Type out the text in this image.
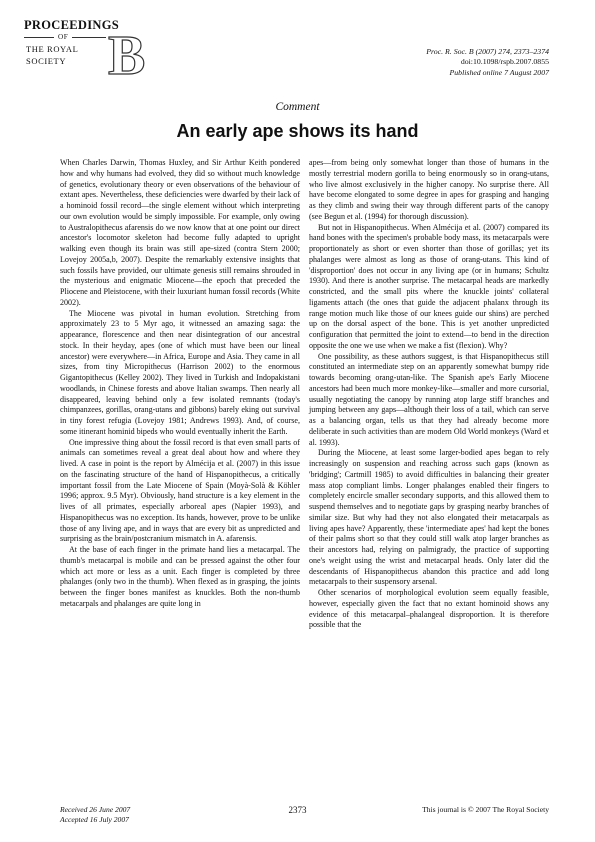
PROCEEDINGS
OF
THE ROYAL
SOCIETY B	Proc. R. Soc. B (2007) 274, 2373–2374
doi:10.1098/rspb.2007.0855
Published online 7 August 2007
Comment
An early ape shows its hand

When Charles Darwin, Thomas Huxley, and Sir Arthur Keith pondered how and why humans had evolved, they did so without much knowledge of genetics, evolutionary theory or even observations of the behaviour of extant apes. Nevertheless, these deficiencies were dwarfed by their lack of a hominoid fossil record—the single element without which interpreting our own evolution would be simply impossible. For example, only owing to Australopithecus afarensis do we now know that at one point our direct ancestor's locomotor skeleton had become fully adapted to upright walking even though its brain was still ape-sized (contra Stern 2000; Lovejoy 2005a,b, 2007). Despite the remarkably extensive insights that such fossils have provided, our ultimate genesis still remains shrouded in the mysterious and enigmatic Miocene—the epoch that preceded the Pliocene and Pleistocene, with their luxuriant human fossil records (White 2002).

The Miocene was pivotal in human evolution. Stretching from approximately 23 to 5 Myr ago, it witnessed an amazing saga: the appearance, florescence and then near disintegration of our ancestral stock. In their heyday, apes (one of which must have been our lineal ancestor) were everywhere—in Africa, Europe and Asia. They came in all sizes, from tiny Micropithecus (Harrison 2002) to the enormous Gigantopithecus (Kelley 2002). They lived in Turkish and Indopakistani woodlands, in Chinese forests and above Italian swamps. Then nearly all disappeared, leaving behind only a few isolated remnants (today's chimpanzees, gorillas, orang-utans and gibbons) barely eking out survival in tiny forest refugia (Lovejoy 1981; Andrews 1993). And, of course, some itinerant hominid bipeds who would eventually inherit the Earth.

One impressive thing about the fossil record is that even small parts of animals can sometimes reveal a great deal about how and where they lived. A case in point is the report by Almécija et al. (2007) in this issue on the fascinating structure of the hand of Hispanopithecus, a critically important fossil from the Late Miocene of Spain (Moyà-Solà & Köhler 1996; approx. 9.5 Myr). Obviously, hand structure is a key element in the lives of all primates, especially arboreal apes (Napier 1993), and Hispanopithecus was no exception. Its hands, however, prove to be unlike those of any living ape, and in ways that are every bit as unpredicted and surprising as the brain/postcranium mismatch in A. afarensis.

At the base of each finger in the primate hand lies a metacarpal. The thumb's metacarpal is mobile and can be pressed against the other four which act more or less as a unit. Each finger is completed by three phalanges (only two in the thumb). When flexed as in grasping, the joints between the finger bones manifest as knuckles. Both the non-thumb metacarpals and phalanges are quite long in

apes—from being only somewhat longer than those of humans in the mostly terrestrial modern gorilla to being enormously so in orang-utans, who live almost exclusively in the higher canopy. No surprise there. All have become elongated to some degree in apes for grasping and hanging as they climb and swing their way through different parts of the canopy (see Begun et al. (1994) for thorough discussion).

But not in Hispanopithecus. When Almécija et al. (2007) compared its hand bones with the specimen's probable body mass, its metacarpals were proportionately as short or even shorter than those of gorillas; yet its phalanges were almost as long as those of orang-utans. This kind of 'disproportion' does not occur in any living ape (or in humans; Schultz 1930). And there is another surprise. The metacarpal heads are markedly constricted, and the small pits where the knuckle joints' collateral ligaments attach (the ones that guide the adjacent phalanx through its range motion much like those of our knees guide our shins) are perched up on the dorsal aspect of the bone. This is yet another unpredicted configuration that permitted the joint to extend—to bend in the direction opposite the one we use when we make a fist (flexion). Why?

One possibility, as these authors suggest, is that Hispanopithecus still constituted an intermediate step on an apparently somewhat bumpy ride towards becoming orang-utan-like. The Spanish ape's Early Miocene ancestors had been much more monkey-like—smaller and more cursorial, usually negotiating the canopy by running atop large stiff branches and jumping between any gaps—although their loss of a tail, which can serve as a balancing organ, tells us that they had already become more deliberate in such activities than are modern Old World monkeys (Ward et al. 1993).

During the Miocene, at least some larger-bodied apes began to rely increasingly on suspension and reaching across such gaps (known as 'bridging'; Cartmill 1985) to avoid difficulties in balancing their greater mass atop compliant limbs. Longer phalanges enabled their fingers to completely encircle smaller secondary supports, and this allowed them to suspend themselves and to negotiate gaps by grasping nearby branches of similar size. But why had they not also elongated their metacarpals as living apes have? Apparently, these 'intermediate apes' had kept the bones of their palms short so that they could still walk atop larger branches as their ancestors had, relying on palmigrady, the practice of supporting one's weight using the wrist and metacarpal heads. Only later did the descendants of Hispanopithecus abandon this practice and add long metacarpals to their suspensory arsenal.

Other scenarios of morphological evolution seem equally feasible, however, especially given the fact that no extant hominoid shows any evidence of this metacarpal–phalangeal disproportion. It is therefore possible that the

Received 26 June 2007
Accepted 16 July 2007
2373	This journal is © 2007 The Royal Society
